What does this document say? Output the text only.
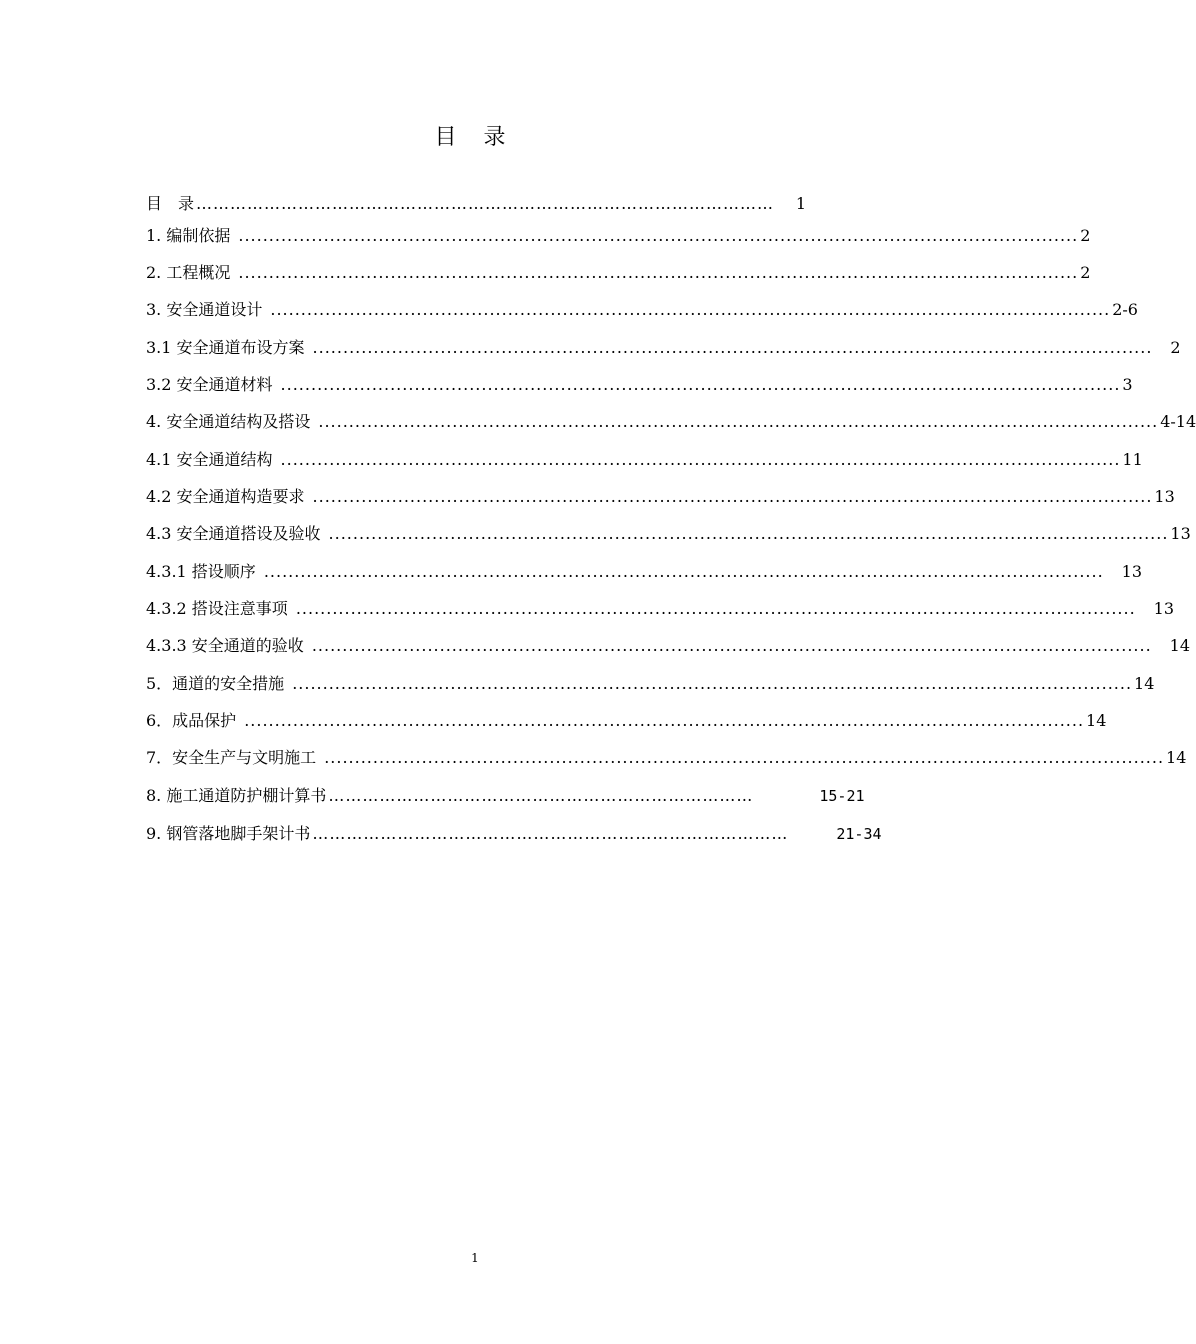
目 录
目　录 …………………………………………………………………………………………	1
1. 编制依据 .......................................................................................................................................... 2
2. 工程概况 .......................................................................................................................................... 2
3. 安全通道设计 .......................................................................................................................................... 2-6
3.1 安全通道布设方案 .......................................................................................................................................... 2
3.2 安全通道材料 .......................................................................................................................................... 3
4. 安全通道结构及搭设 .......................................................................................................................................... 4-14
4.1 安全通道结构 .......................................................................................................................................... 11
4.2 安全通道构造要求 .......................................................................................................................................... 13
4.3 安全通道搭设及验收 .......................................................................................................................................... 13
4.3.1 搭设顺序 .......................................................................................................................................... 13
4.3.2 搭设注意事项 .......................................................................................................................................... 13
4.3.3 安全通道的验收 .......................................................................................................................................... 14
5．通道的安全措施 .......................................................................................................................................... 14
6．成品保护 .......................................................................................................................................... 14
7．安全生产与文明施工 .......................................................................................................................................... 14
8. 施工通道防护棚计算书 …………………………………………………………………	15-21
9. 钢管落地脚手架计书 …………………………………………………………………………	21-34
1
